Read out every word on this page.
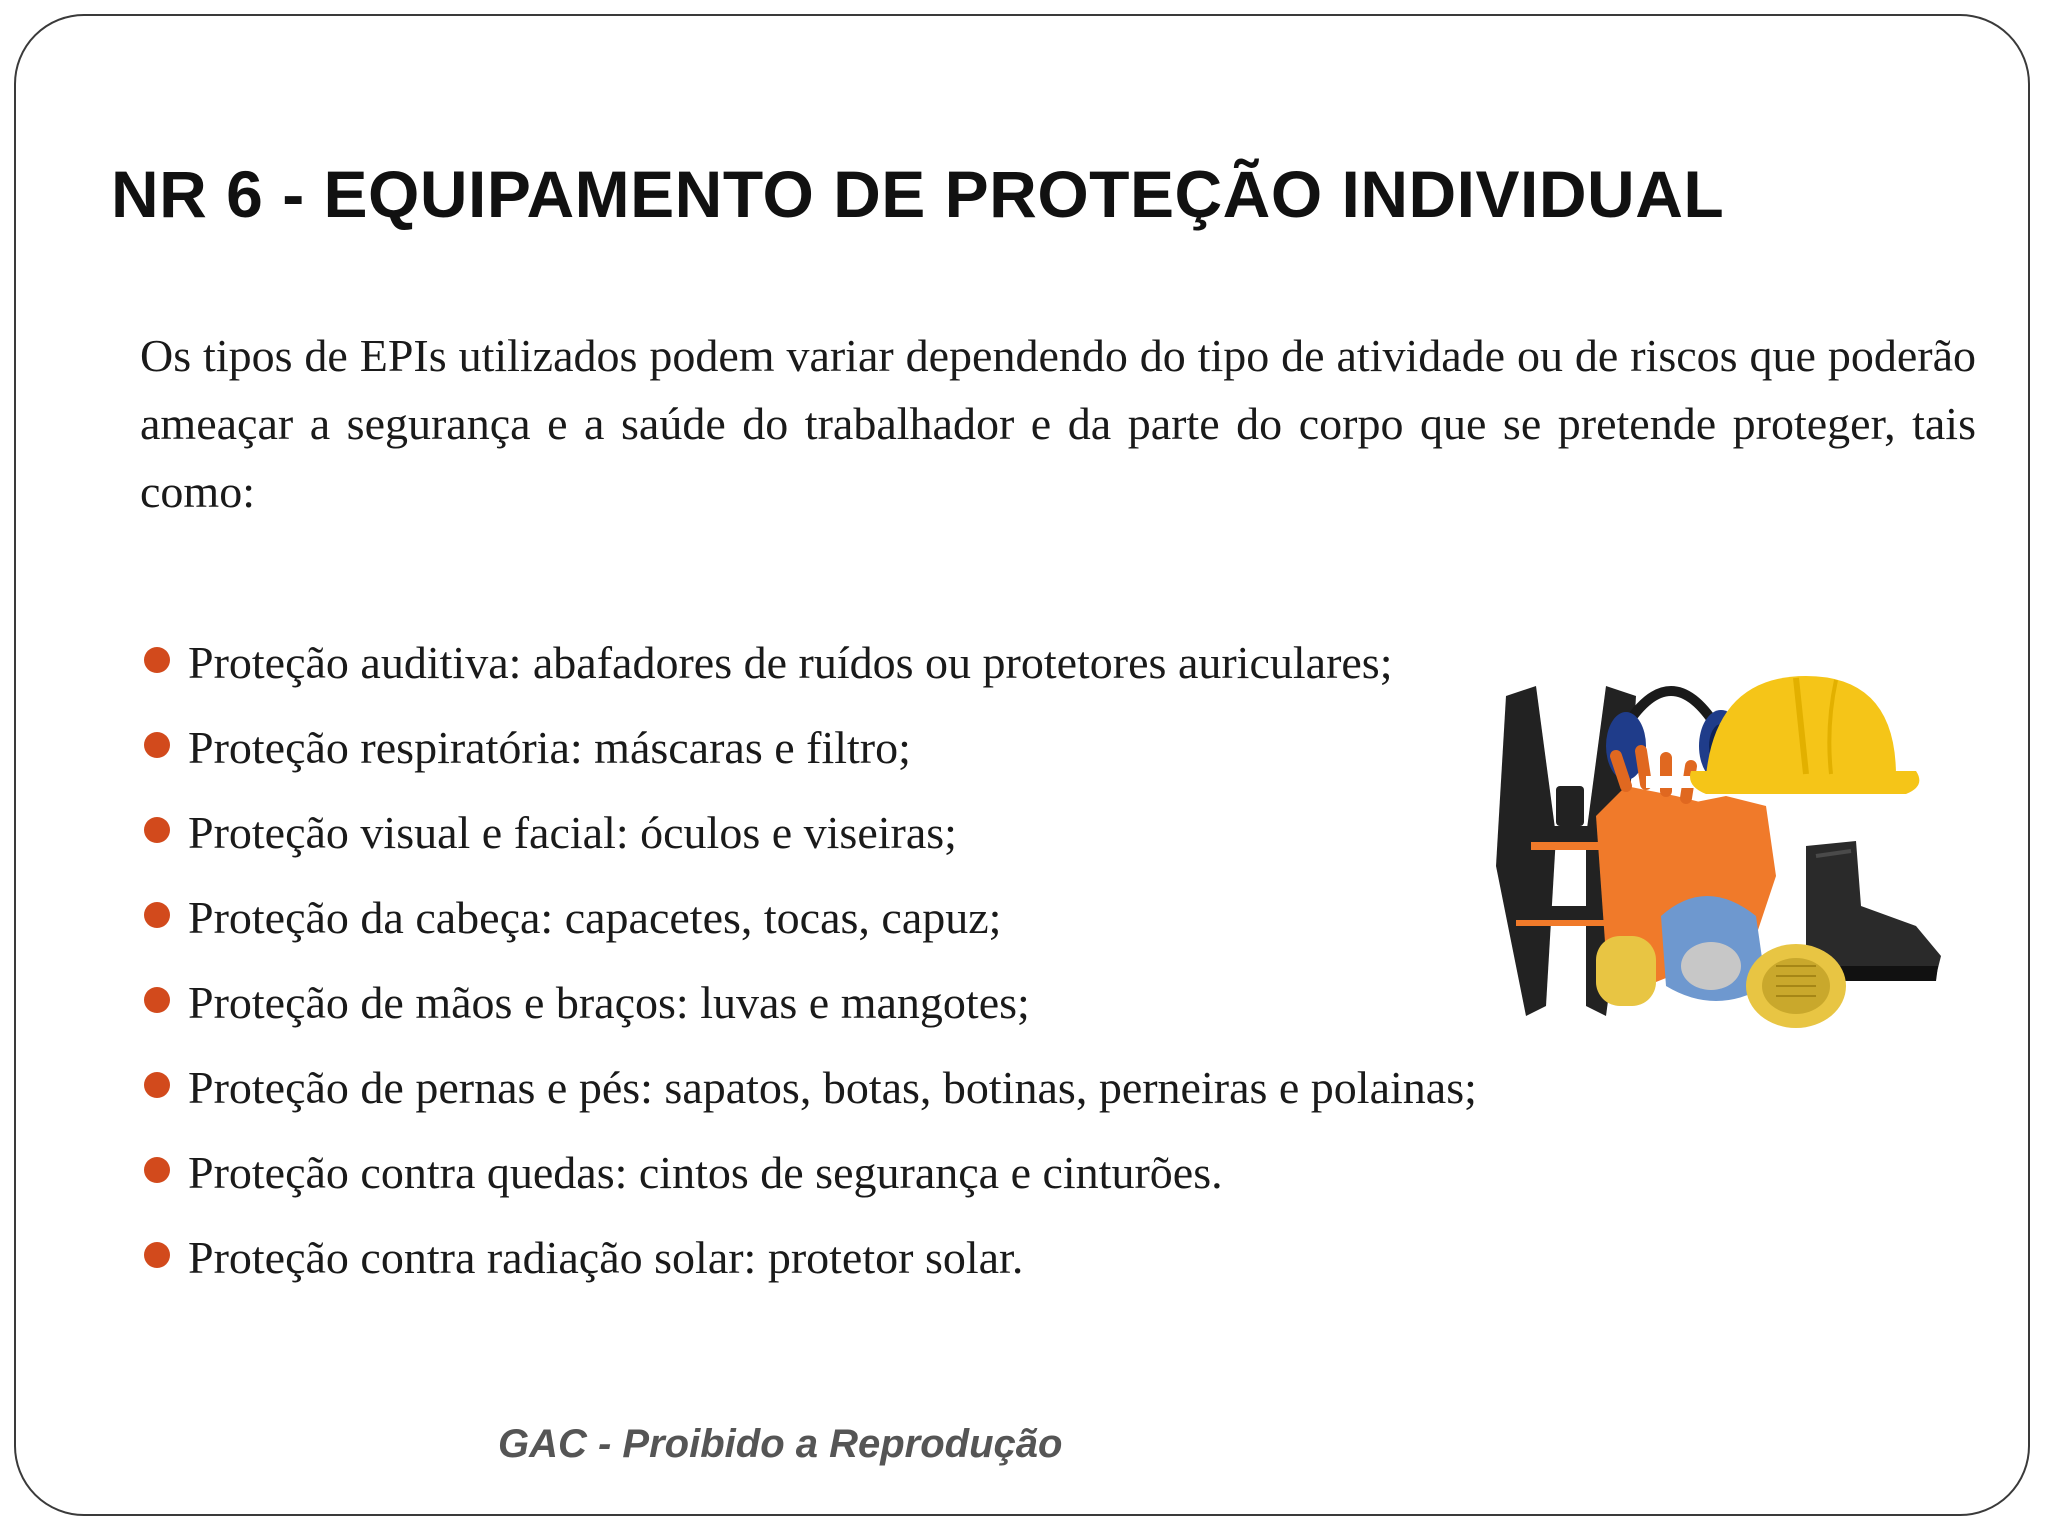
NR 6 - EQUIPAMENTO DE PROTEÇÃO INDIVIDUAL

Os tipos de EPIs utilizados podem variar dependendo do tipo de atividade ou de riscos que poderão ameaçar a segurança e a saúde do trabalhador e da parte do corpo que se pretende proteger, tais como:

Proteção auditiva: abafadores de ruídos ou protetores auriculares;
Proteção respiratória: máscaras e filtro;
Proteção visual e facial: óculos e viseiras;
Proteção da cabeça: capacetes, tocas, capuz;
Proteção de mãos e braços: luvas e mangotes;
Proteção de pernas e pés: sapatos, botas, botinas, perneiras e polainas;
Proteção contra quedas: cintos de segurança e cinturões.
Proteção contra radiação solar: protetor solar.

GAC - Proibido a Reprodução
